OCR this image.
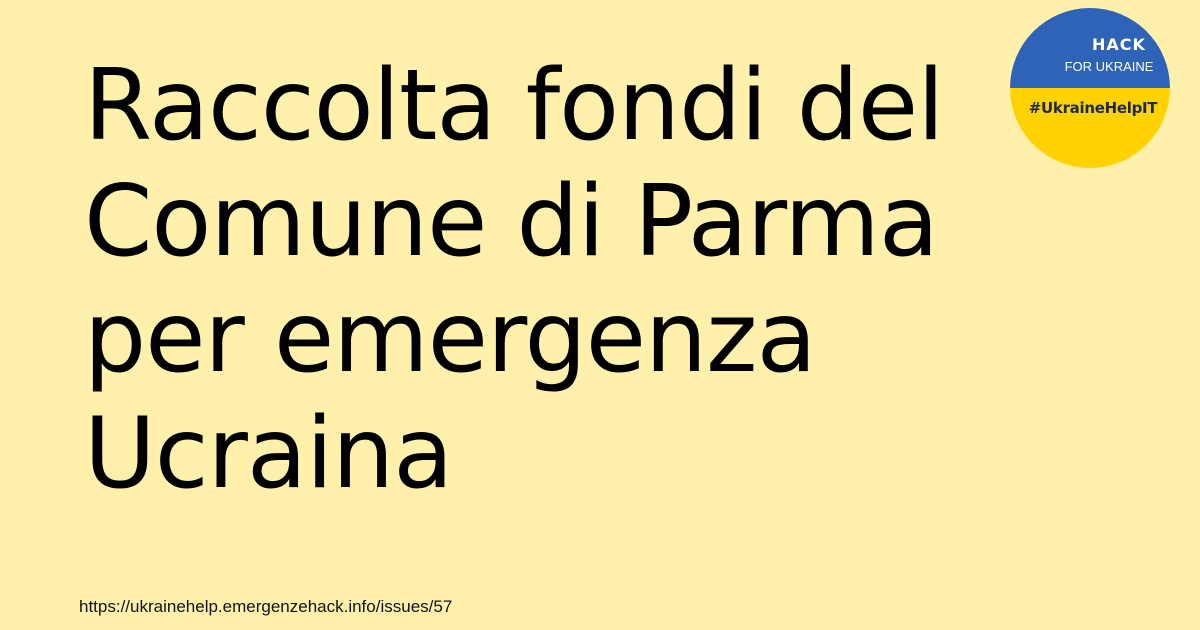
Raccolta fondi del
Comune di Parma
per emergenza
Ucraina
HACK
FOR UKRAINE
#UkraineHelpIT
https://ukrainehelp.emergenzehack.info/issues/57
